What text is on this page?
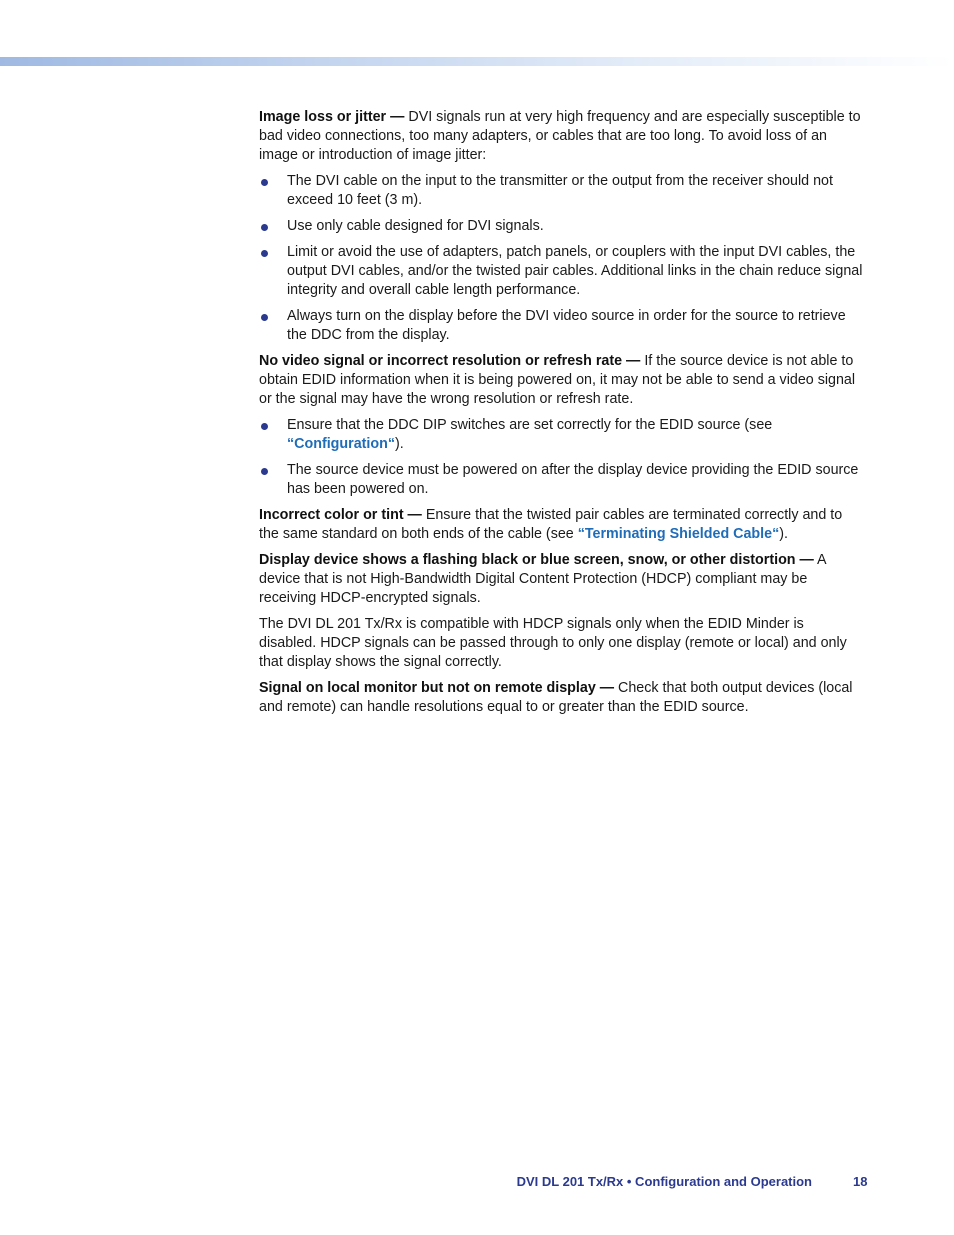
Image loss or jitter — DVI signals run at very high frequency and are especially susceptible to bad video connections, too many adapters, or cables that are too long. To avoid loss of an image or introduction of image jitter:

The DVI cable on the input to the transmitter or the output from the receiver should not exceed 10 feet (3 m).
Use only cable designed for DVI signals.
Limit or avoid the use of adapters, patch panels, or couplers with the input DVI cables, the output DVI cables, and/or the twisted pair cables. Additional links in the chain reduce signal integrity and overall cable length performance.
Always turn on the display before the DVI video source in order for the source to retrieve the DDC from the display.

No video signal or incorrect resolution or refresh rate — If the source device is not able to obtain EDID information when it is being powered on, it may not be able to send a video signal or the signal may have the wrong resolution or refresh rate.

Ensure that the DDC DIP switches are set correctly for the EDID source (see “Configuration“).
The source device must be powered on after the display device providing the EDID source has been powered on.

Incorrect color or tint — Ensure that the twisted pair cables are terminated correctly and to the same standard on both ends of the cable (see “Terminating Shielded Cable“).

Display device shows a flashing black or blue screen, snow, or other distortion — A device that is not High-Bandwidth Digital Content Protection (HDCP) compliant may be receiving HDCP-encrypted signals.

The DVI DL 201 Tx/Rx is compatible with HDCP signals only when the EDID Minder is disabled. HDCP signals can be passed through to only one display (remote or local) and only that display shows the signal correctly.

Signal on local monitor but not on remote display — Check that both output devices (local and remote) can handle resolutions equal to or greater than the EDID source.

DVI DL 201 Tx/Rx • Configuration and Operation	18
